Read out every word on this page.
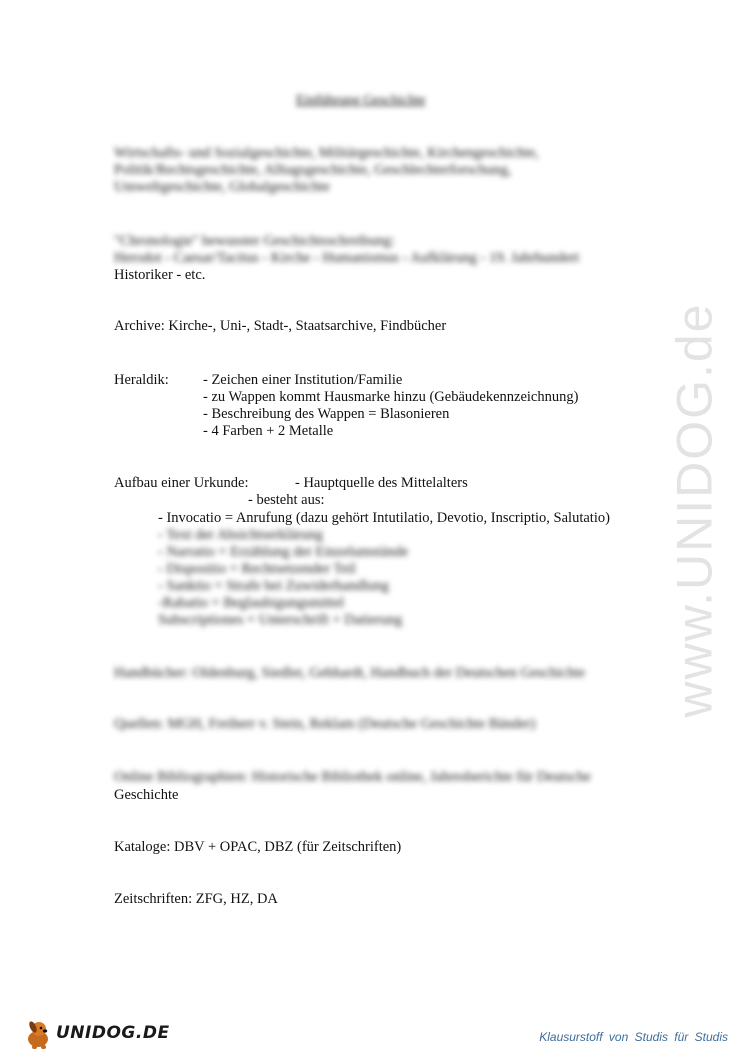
Einführung Geschichte
Wirtschafts- und Sozialgeschichte, Militärgeschichte, Kirchengeschichte,
Politik/Rechtsgeschichte, Alltagsgeschichte, Geschlechterforschung,
Umweltgeschichte, Globalgeschichte
"Chronologie" bewusster Geschichtsschreibung:
Herodot - Caesar/Tacitus - Kirche - Humanismus - Aufklärung - 19. Jahrhundert
Historiker - etc.
Archive: Kirche-, Uni-, Stadt-, Staatsarchive, Findbücher
Heraldik: - Zeichen einer Institution/Familie
- zu Wappen kommt Hausmarke hinzu (Gebäudekennzeichnung)
- Beschreibung des Wappen = Blasonieren
- 4 Farben + 2 Metalle
Aufbau einer Urkunde:	- Hauptquelle des Mittelalters
- besteht aus:
- Invocatio = Anrufung (dazu gehört Intutilatio, Devotio, Inscriptio, Salutatio)
- Text der Absichtserklärung
- Narratio = Erzählung der Einzelumstände
- Dispositio = Rechtsetzender Teil
- Sanktio = Strafe bei Zuwiderhandlung
-Rabatio = Beglaubigungsmittel
Subscriptiones = Unterschrift + Datierung
Handbücher: Oldenburg, Siedler, Gebhardt, Handbuch der Deutschen Geschichte
Quellen: MGH, Freiherr v. Stein, Reklam (Deutsche Geschichte Bänder)
Online Bibliographien: Historische Bibliothek online, Jahresberichte für Deutsche
Geschichte
Kataloge: DBV + OPAC, DBZ (für Zeitschriften)
Zeitschriften: ZFG, HZ, DA
www.UNIDOG.de
UNIDOG.DE	Klausurstoff von Studis für Studis
